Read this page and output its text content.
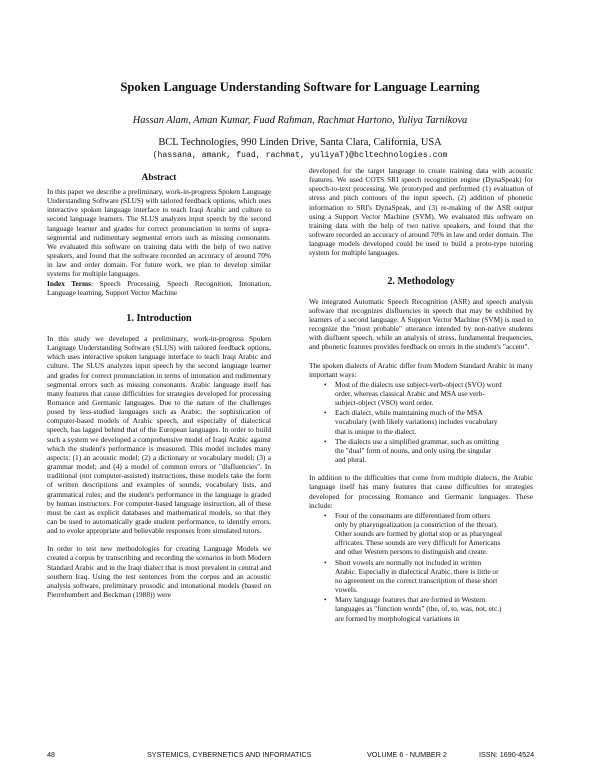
Spoken Language Understanding Software for Language Learning
Hassan Alam, Aman Kumar, Fuad Rahman, Rachmat Hartono, Yuliya Tarnikova
BCL Technologies, 990 Linden Drive, Santa Clara, California, USA
(hassana, amank, fuad, rachmat, yuliyaT)@bcltechnologies.com
Abstract

In this paper we describe a preliminary, work-in-progress Spoken Language Understanding Software (SLUS) with tailored feedback options, which uses interactive spoken language interface to teach Iraqi Arabic and culture to second language learners. The SLUS analyzes input speech by the second language learner and grades for correct pronunciation in terms of supra-segmental and rudimentary segmental errors such as missing consonants. We evaluated this software on training data with the help of two native speakers, and found that the software recorded an accuracy of around 70% in law and order domain. For future work, we plan to develop similar systems for multiple languages.

Index Terms: Speech Processing, Speech Recognition, Intonation, Language learning, Support Vector Machine

1. Introduction

In this study we developed a preliminary, work-in-progress Spoken Language Understanding Software (SLUS) with tailored feedback options, which uses interactive spoken language interface to teach Iraqi Arabic and culture. The SLUS analyzes input speech by the second language learner and grades for correct pronunciation in terms of intonation and rudimentary segmental errors such as missing consonants. Arabic language itself has many features that cause difficulties for strategies developed for processing Romance and Germanic languages. Due to the nature of the challenges posed by less-studied languages such as Arabic, the sophistication of computer-based models of Arabic speech, and especially of dialectical speech, has lagged behind that of the European languages. In order to build such a system we developed a comprehensive model of Iraqi Arabic against which the student's performance is measured. This model includes many aspects: (1) an acoustic model; (2) a dictionary or vocabulary model; (3) a grammar model; and (4) a model of common errors or "disfluencies". In traditional (not computer-assisted) instructions, these models take the form of written descriptions and examples of sounds, vocabulary lists, and grammatical rules; and the student's performance in the language is graded by human instructors. For computer-based language instruction, all of these must be cast as explicit databases and mathematical models, so that they can be used to automatically grade student performance, to identify errors, and to evoke appropriate and believable responses from simulated tutors.

In order to test new methodologies for creating Language Models we created a corpus by transcribing and recording the scenarios in both Modern Standard Arabic and in the Iraqi dialect that is most prevalent in central and southern Iraq. Using the test sentences from the corpus and an acoustic analysis software, preliminary prosodic and intonational models (based on Pierrehumbert and Beckman (1988)) were

developed for the target language to create training data with acoustic features. We used COTS SRI speech recognition engine (DynaSpeak) for speech-to-text processing. We prototyped and performed (1) evaluation of stress and pitch contours of the input speech, (2) addition of phonetic information to SRI's DynaSpeak, and (3) re-making of the ASR output using a Support Vector Machine (SVM). We evaluated this software on training data with the help of two native speakers, and found that the software recorded an accuracy of around 70% in law and order domain. The language models developed could be used to build a proto-type tutoring system for multiple languages.

2. Methodology

We integrated Automatic Speech Recognition (ASR) and speech analysis software that recognizes disfluencies in speech that may be exhibited by learners of a second language. A Support Vector Machine (SVM) is used to recognize the "most probable" utterance intended by non-native students with disfluent speech, while an analysis of stress, fundamental frequencies, and phonetic features provides feedback on errors in the student's "accent".

The spoken dialects of Arabic differ from Modern Standard Arabic in many important ways:

• Most of the dialects use subject-verb-object (SVO) word order, whereas classical Arabic and MSA use verb-subject-object (VSO) word order.
• Each dialect, while maintaining much of the MSA vocabulary (with likely variations) includes vocabulary that is unique to the dialect.
• The dialects use a simplified grammar, such as omitting the "dual" form of nouns, and only using the singular and plural.

In addition to the difficulties that come from multiple dialects, the Arabic language itself has many features that cause difficulties for strategies developed for processing Romance and Germanic languages. These include:

• Four of the consonants are differentiated from others only by pharyngealization (a constriction of the throat). Other sounds are formed by glottal stop or as pharyngeal affricates. These sounds are very difficult for Americans and other Western persons to distinguish and create.
• Short vowels are normally not included in written Arabic. Especially in dialectical Arabic, there is little or no agreement on the correct transcription of these short vowels.
• Many language features that are formed in Western languages as "function words" (the, of, to, was, not, etc.) are formed by morphological variations in
48	SYSTEMICS, CYBERNETICS AND INFORMATICS	VOLUME 6 - NUMBER 2	ISSN: 1690-4524
